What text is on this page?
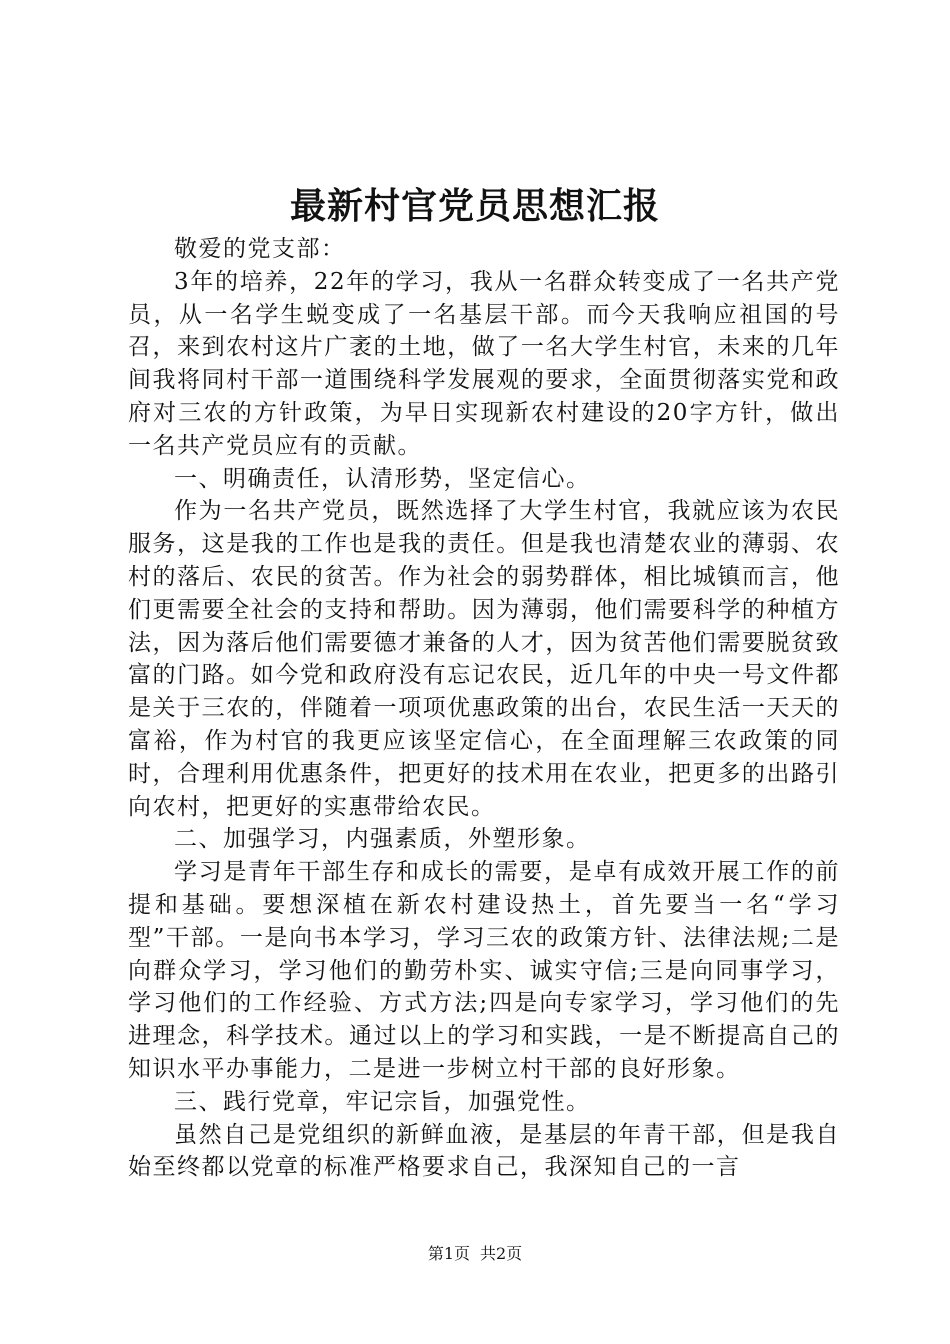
最新村官党员思想汇报

敬爱的党支部：

3年的培养，22年的学习，我从一名群众转变成了一名共产党员，从一名学生蜕变成了一名基层干部。而今天我响应祖国的号召，来到农村这片广袤的土地，做了一名大学生村官，未来的几年间我将同村干部一道围绕科学发展观的要求，全面贯彻落实党和政府对三农的方针政策，为早日实现新农村建设的20字方针，做出一名共产党员应有的贡献。

一、明确责任，认清形势，坚定信心。

作为一名共产党员，既然选择了大学生村官，我就应该为农民服务，这是我的工作也是我的责任。但是我也清楚农业的薄弱、农村的落后、农民的贫苦。作为社会的弱势群体，相比城镇而言，他们更需要全社会的支持和帮助。因为薄弱，他们需要科学的种植方法，因为落后他们需要德才兼备的人才，因为贫苦他们需要脱贫致富的门路。如今党和政府没有忘记农民，近几年的中央一号文件都是关于三农的，伴随着一项项优惠政策的出台，农民生活一天天的富裕，作为村官的我更应该坚定信心，在全面理解三农政策的同时，合理利用优惠条件，把更好的技术用在农业，把更多的出路引向农村，把更好的实惠带给农民。

二、加强学习，内强素质，外塑形象。

学习是青年干部生存和成长的需要，是卓有成效开展工作的前提和基础。要想深植在新农村建设热土，首先要当一名“学习型”干部。一是向书本学习，学习三农的政策方针、法律法规;二是向群众学习，学习他们的勤劳朴实、诚实守信;三是向同事学习，学习他们的工作经验、方式方法;四是向专家学习，学习他们的先进理念，科学技术。通过以上的学习和实践，一是不断提高自己的知识水平办事能力，二是进一步树立村干部的良好形象。

三、践行党章，牢记宗旨，加强党性。

虽然自己是党组织的新鲜血液，是基层的年青干部，但是我自始至终都以党章的标准严格要求自己，我深知自己的一言

第1页 共2页
